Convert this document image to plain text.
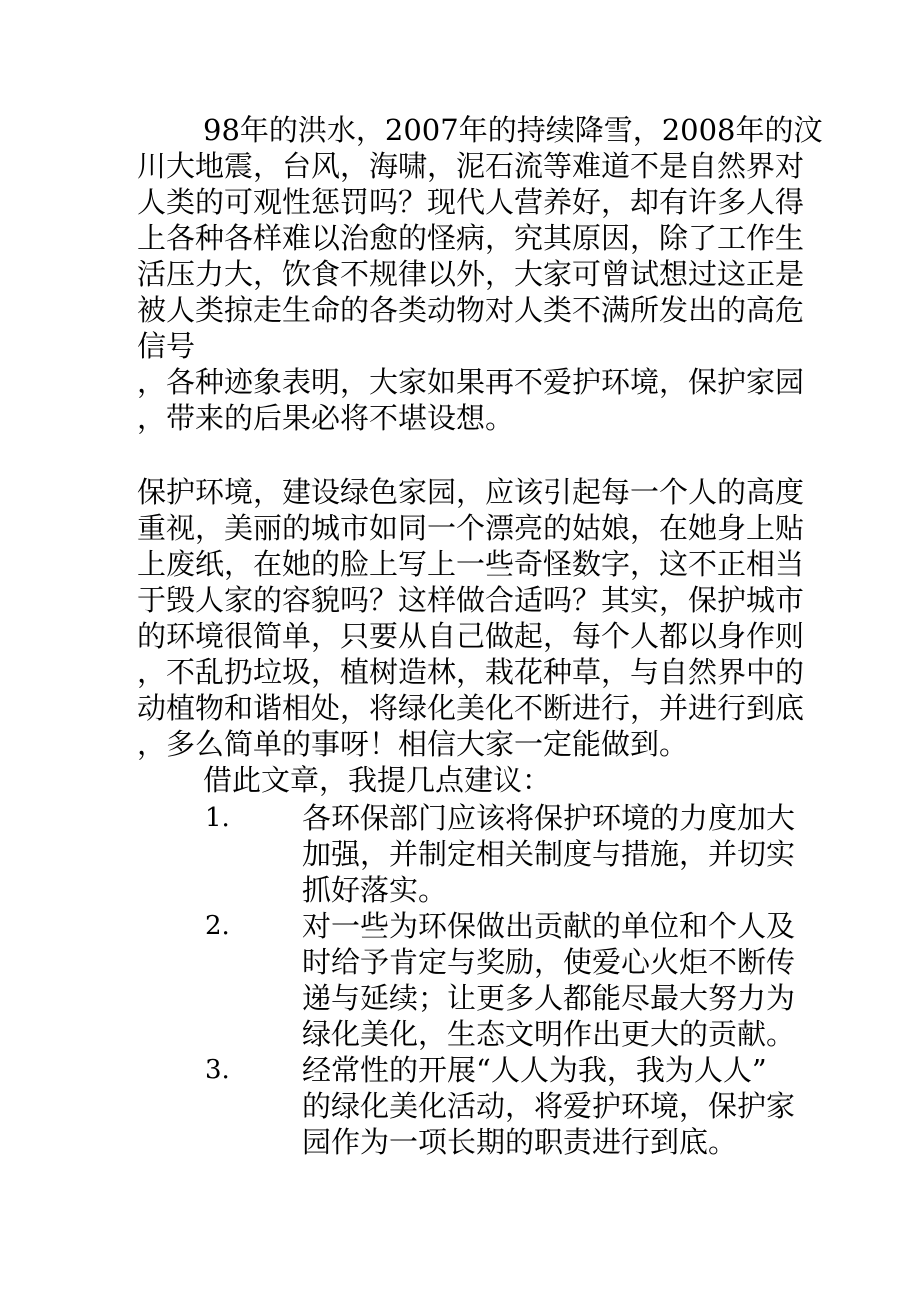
98年的洪水，2007年的持续降雪，2008年的汶
川大地震，台风，海啸，泥石流等难道不是自然界对
人类的可观性惩罚吗？现代人营养好，却有许多人得
上各种各样难以治愈的怪病，究其原因，除了工作生
活压力大，饮食不规律以外，大家可曾试想过这正是
被人类掠走生命的各类动物对人类不满所发出的高危
信号
，各种迹象表明，大家如果再不爱护环境，保护家园
，带来的后果必将不堪设想。
保护环境，建设绿色家园，应该引起每一个人的高度
重视，美丽的城市如同一个漂亮的姑娘，在她身上贴
上废纸，在她的脸上写上一些奇怪数字，这不正相当
于毁人家的容貌吗？这样做合适吗？其实，保护城市
的环境很简单，只要从自己做起，每个人都以身作则
，不乱扔垃圾，植树造林，栽花种草，与自然界中的
动植物和谐相处，将绿化美化不断进行，并进行到底
，多么简单的事呀！相信大家一定能做到。
借此文章，我提几点建议：
1. 各环保部门应该将保护环境的力度加大
加强，并制定相关制度与措施，并切实
抓好落实。
2. 对一些为环保做出贡献的单位和个人及
时给予肯定与奖励，使爱心火炬不断传
递与延续；让更多人都能尽最大努力为
绿化美化，生态文明作出更大的贡献。
3. 经常性的开展“人人为我，我为人人”
的绿化美化活动，将爱护环境，保护家
园作为一项长期的职责进行到底。
